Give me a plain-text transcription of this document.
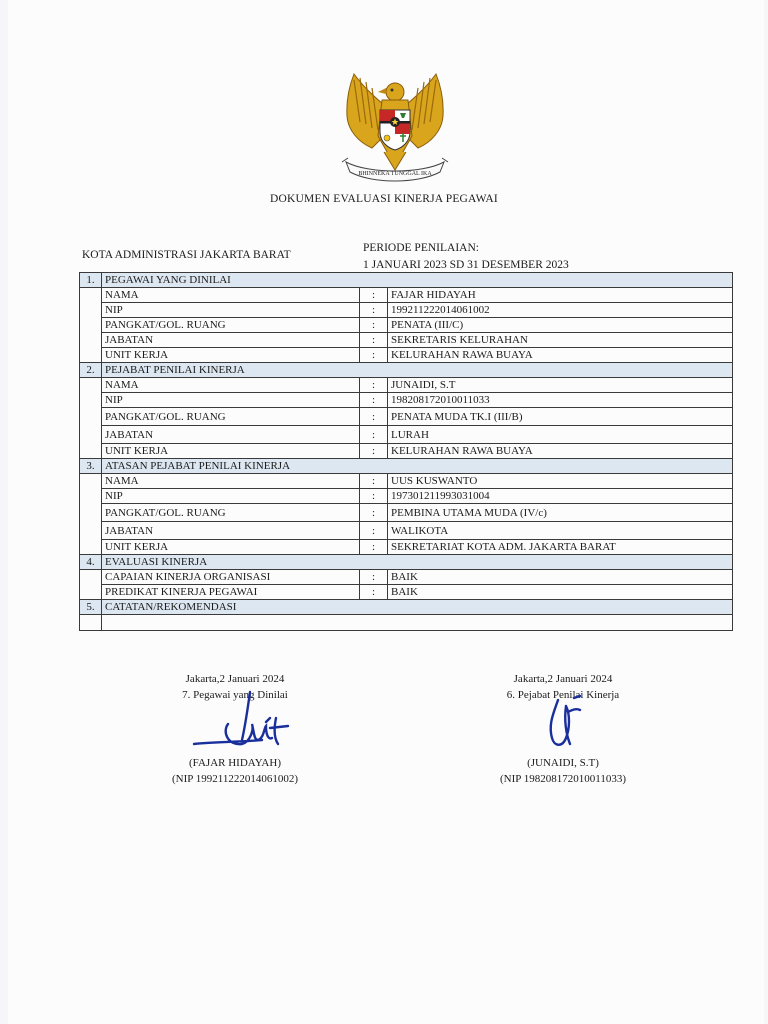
BHINNEKA TUNGGAL IKA
DOKUMEN EVALUASI KINERJA PEGAWAI
KOTA ADMINISTRASI JAKARTA BARAT
PERIODE PENILAIAN:
1 JANUARI 2023 SD 31 DESEMBER 2023
1.	PEGAWAI YANG DINILAI		
	NAMA	:	FAJAR HIDAYAH
	NIP	:	199211222014061002
	PANGKAT/GOL. RUANG	:	PENATA (III/C)
	JABATAN	:	SEKRETARIS KELURAHAN
	UNIT KERJA	:	KELURAHAN RAWA BUAYA
2.	PEJABAT PENILAI KINERJA		
	NAMA	:	JUNAIDI, S.T
	NIP	:	198208172010011033
	PANGKAT/GOL. RUANG	:	PENATA MUDA TK.I (III/B)
	JABATAN	:	LURAH
	UNIT KERJA	:	KELURAHAN RAWA BUAYA
3.	ATASAN PEJABAT PENILAI KINERJA		
	NAMA	:	UUS KUSWANTO
	NIP	:	197301211993031004
	PANGKAT/GOL. RUANG	:	PEMBINA UTAMA MUDA (IV/c)
	JABATAN	:	WALIKOTA
	UNIT KERJA	:	SEKRETARIAT KOTA ADM. JAKARTA BARAT
4.	EVALUASI KINERJA		
	CAPAIAN KINERJA ORGANISASI	:	BAIK
	PREDIKAT KINERJA PEGAWAI	:	BAIK
5.	CATATAN/REKOMENDASI		

Jakarta,2 Januari 2024
7. Pegawai yang Dinilai
(FAJAR HIDAYAH)
(NIP 199211222014061002)
Jakarta,2 Januari 2024
6. Pejabat Penilai Kinerja
(JUNAIDI, S.T)
(NIP 198208172010011033)
